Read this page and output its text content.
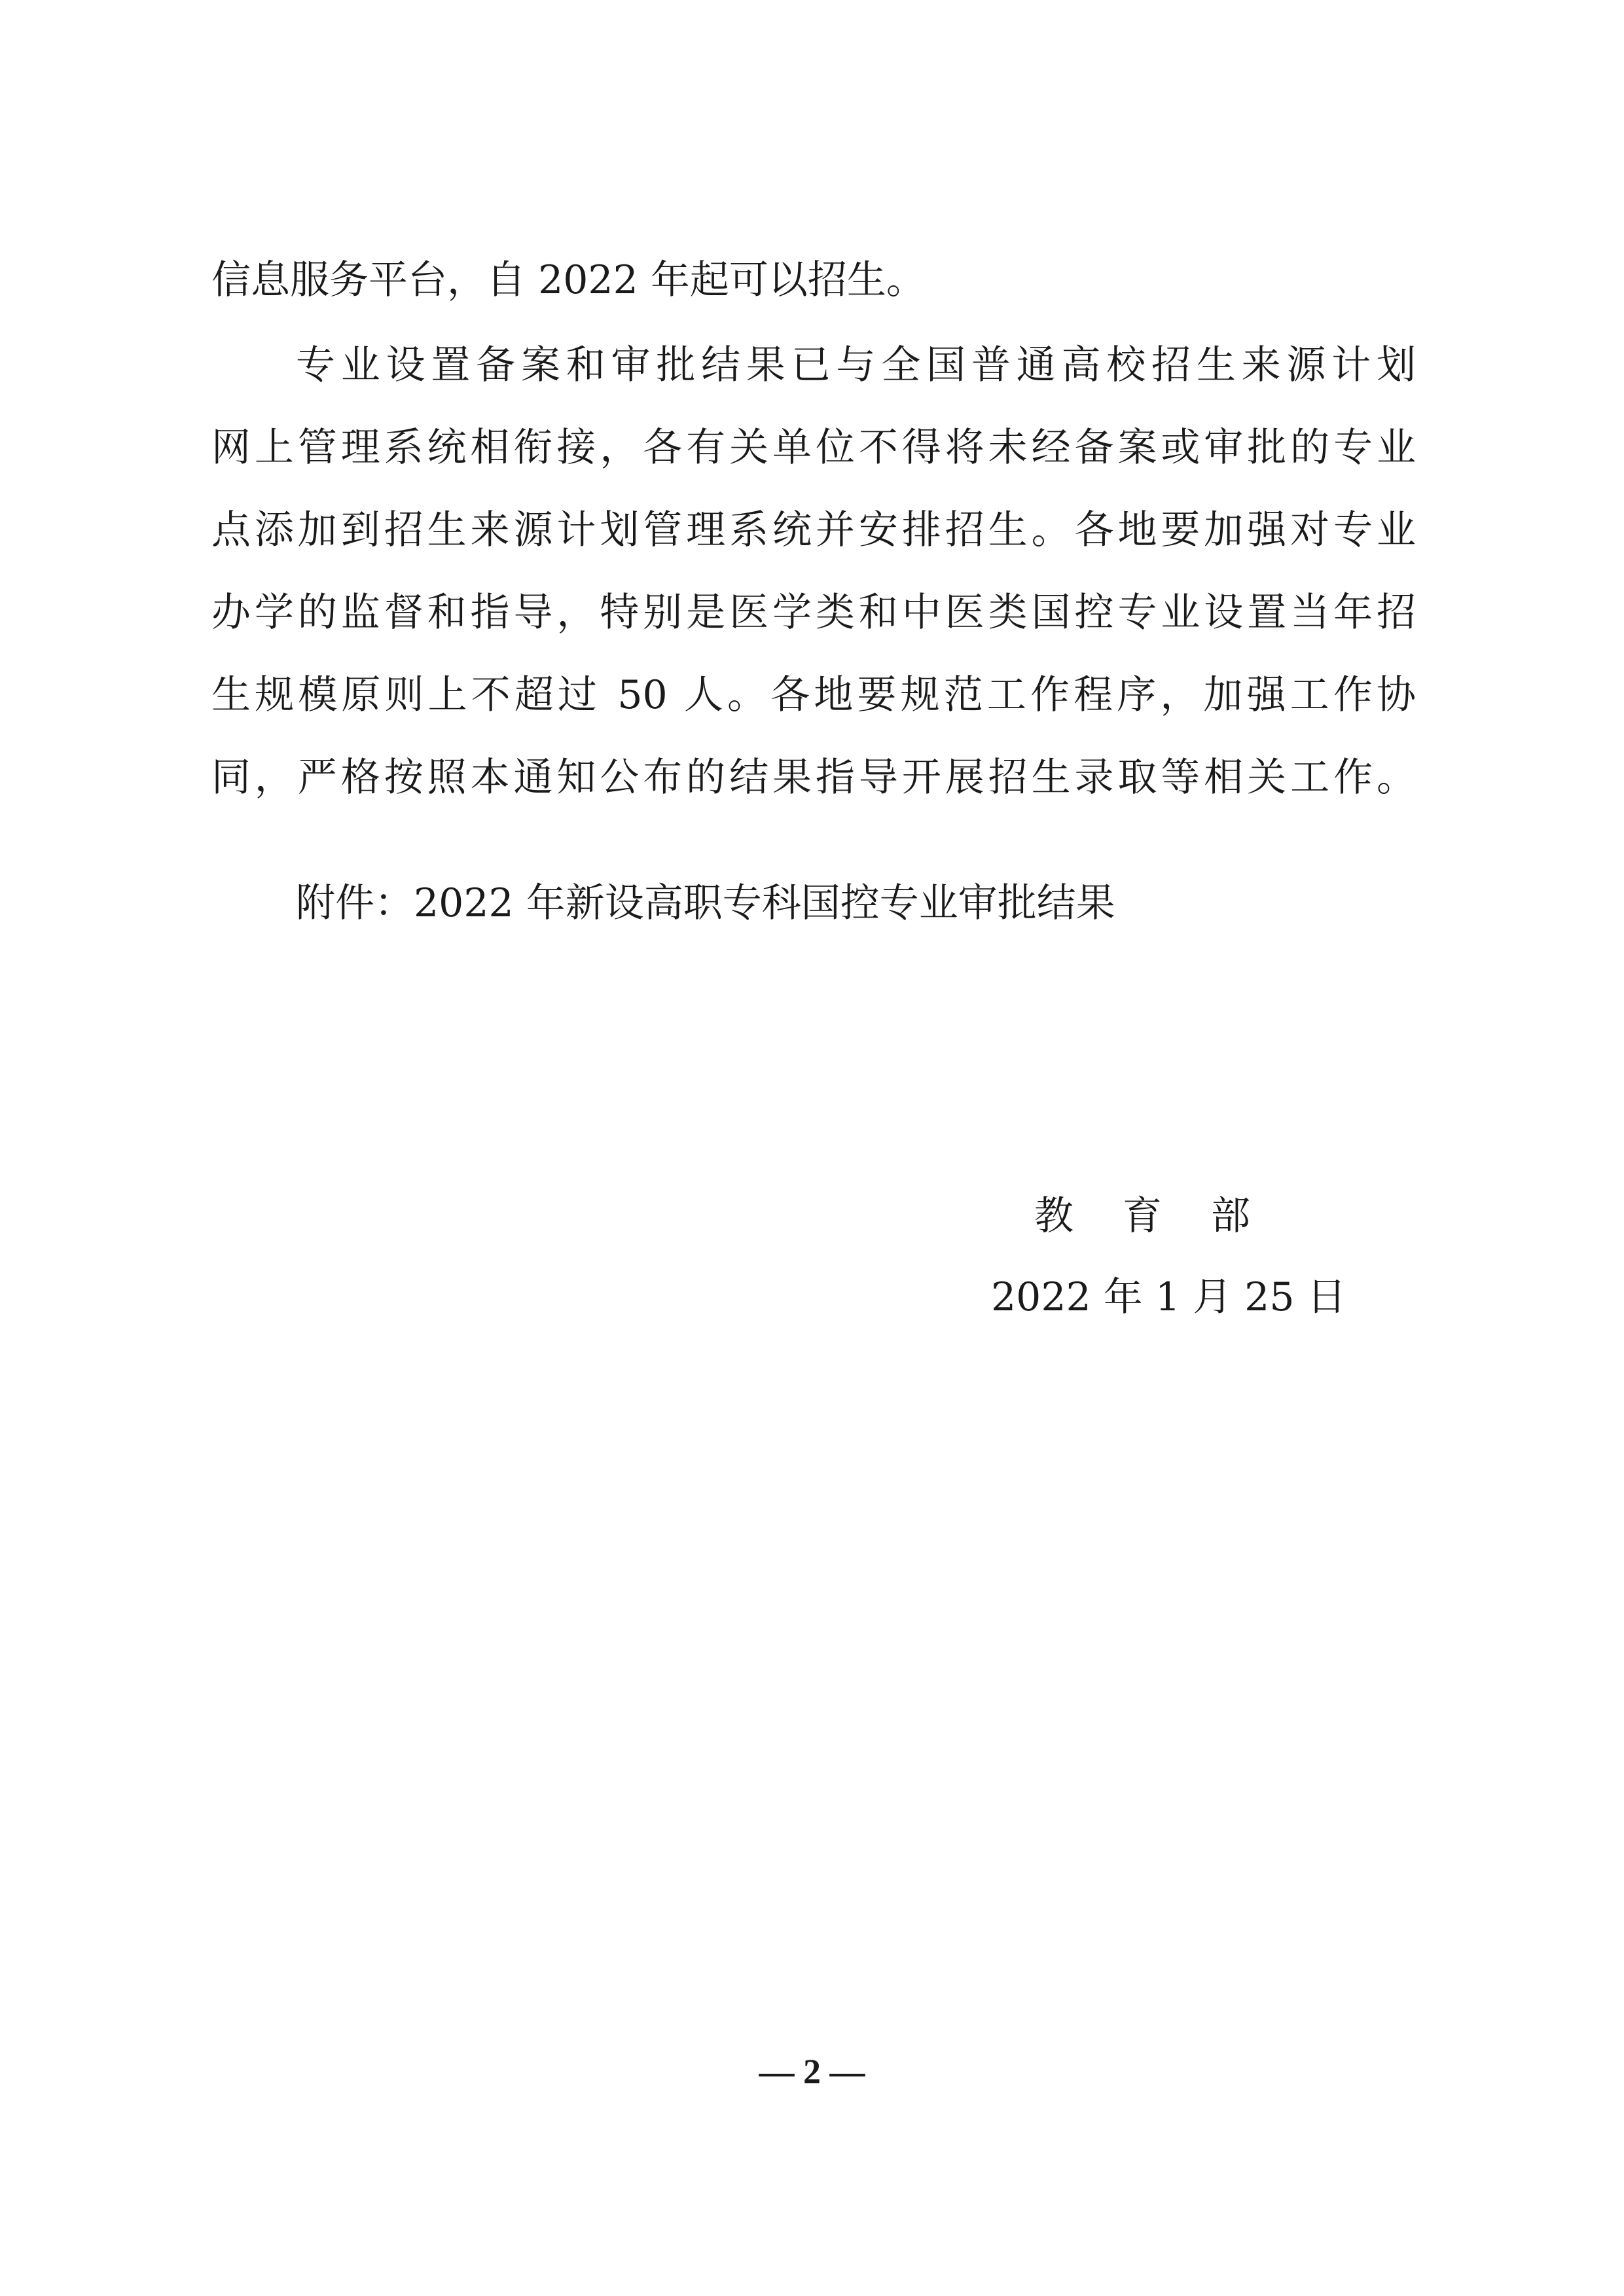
信息服务平台，自 2022 年起可以招生。
专业设置备案和审批结果已与全国普通高校招生来源计划
网上管理系统相衔接，各有关单位不得将未经备案或审批的专业
点添加到招生来源计划管理系统并安排招生。各地要加强对专业
办学的监督和指导，特别是医学类和中医类国控专业设置当年招
生规模原则上不超过 50 人。各地要规范工作程序，加强工作协
同，严格按照本通知公布的结果指导开展招生录取等相关工作。
附件：2022 年新设高职专科国控专业审批结果
教 育 部
2022 年 1 月 25 日
— 2 —
